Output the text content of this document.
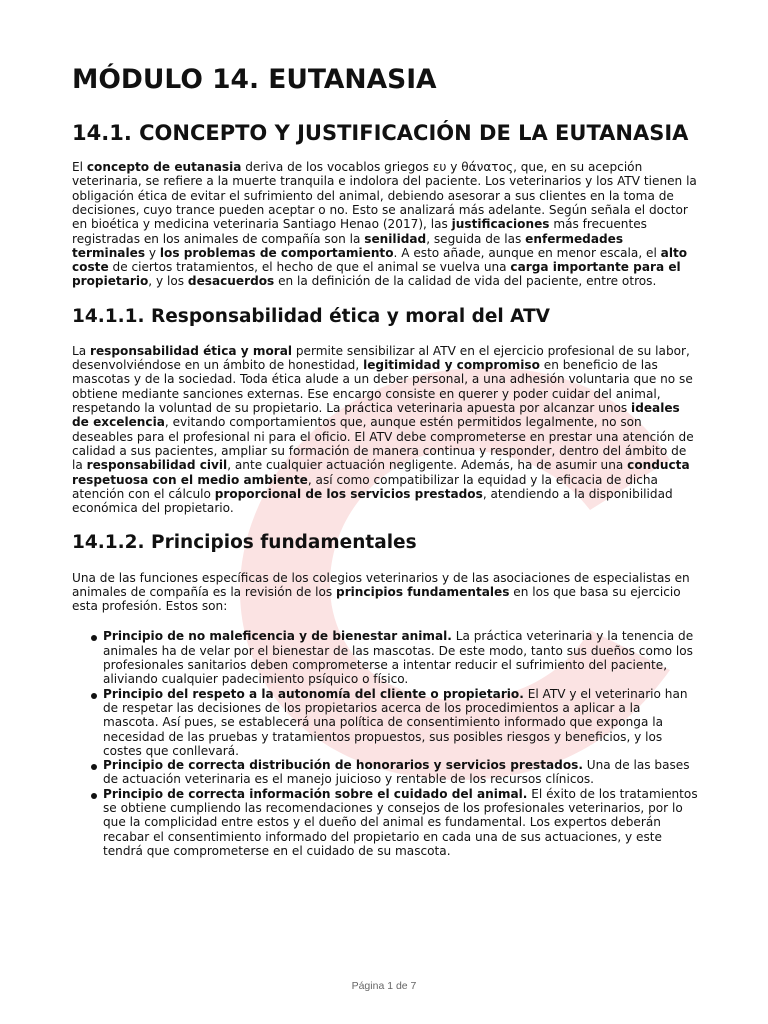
MÓDULO 14. EUTANASIA
14.1. CONCEPTO Y JUSTIFICACIÓN DE LA EUTANASIA

El concepto de eutanasia deriva de los vocablos griegos ευ y θάνατος, que, en su acepción veterinaria, se refiere a la muerte tranquila e indolora del paciente. Los veterinarios y los ATV tienen la obligación ética de evitar el sufrimiento del animal, debiendo asesorar a sus clientes en la toma de decisiones, cuyo trance pueden aceptar o no. Esto se analizará más adelante. Según señala el doctor en bioética y medicina veterinaria Santiago Henao (2017), las justificaciones más frecuentes registradas en los animales de compañía son la senilidad, seguida de las enfermedades terminales y los problemas de comportamiento. A esto añade, aunque en menor escala, el alto coste de ciertos tratamientos, el hecho de que el animal se vuelva una carga importante para el propietario, y los desacuerdos en la definición de la calidad de vida del paciente, entre otros.

14.1.1. Responsabilidad ética y moral del ATV

La responsabilidad ética y moral permite sensibilizar al ATV en el ejercicio profesional de su labor, desenvolviéndose en un ámbito de honestidad, legitimidad y compromiso en beneficio de las mascotas y de la sociedad. Toda ética alude a un deber personal, a una adhesión voluntaria que no se obtiene mediante sanciones externas. Ese encargo consiste en querer y poder cuidar del animal, respetando la voluntad de su propietario. La práctica veterinaria apuesta por alcanzar unos ideales de excelencia, evitando comportamientos que, aunque estén permitidos legalmente, no son deseables para el profesional ni para el oficio. El ATV debe comprometerse en prestar una atención de calidad a sus pacientes, ampliar su formación de manera continua y responder, dentro del ámbito de la responsabilidad civil, ante cualquier actuación negligente. Además, ha de asumir una conducta respetuosa con el medio ambiente, así como compatibilizar la equidad y la eficacia de dicha atención con el cálculo proporcional de los servicios prestados, atendiendo a la disponibilidad económica del propietario.

14.1.2. Principios fundamentales

Una de las funciones específicas de los colegios veterinarios y de las asociaciones de especialistas en animales de compañía es la revisión de los principios fundamentales en los que basa su ejercicio esta profesión. Estos son:

Principio de no maleficencia y de bienestar animal. La práctica veterinaria y la tenencia de animales ha de velar por el bienestar de las mascotas. De este modo, tanto sus dueños como los profesionales sanitarios deben comprometerse a intentar reducir el sufrimiento del paciente, aliviando cualquier padecimiento psíquico o físico.
Principio del respeto a la autonomía del cliente o propietario. El ATV y el veterinario han de respetar las decisiones de los propietarios acerca de los procedimientos a aplicar a la mascota. Así pues, se establecerá una política de consentimiento informado que exponga la necesidad de las pruebas y tratamientos propuestos, sus posibles riesgos y beneficios, y los costes que conllevará.
Principio de correcta distribución de honorarios y servicios prestados. Una de las bases de actuación veterinaria es el manejo juicioso y rentable de los recursos clínicos.
Principio de correcta información sobre el cuidado del animal. El éxito de los tratamientos se obtiene cumpliendo las recomendaciones y consejos de los profesionales veterinarios, por lo que la complicidad entre estos y el dueño del animal es fundamental. Los expertos deberán recabar el consentimiento informado del propietario en cada una de sus actuaciones, y este tendrá que comprometerse en el cuidado de su mascota.
Página 1 de 7
